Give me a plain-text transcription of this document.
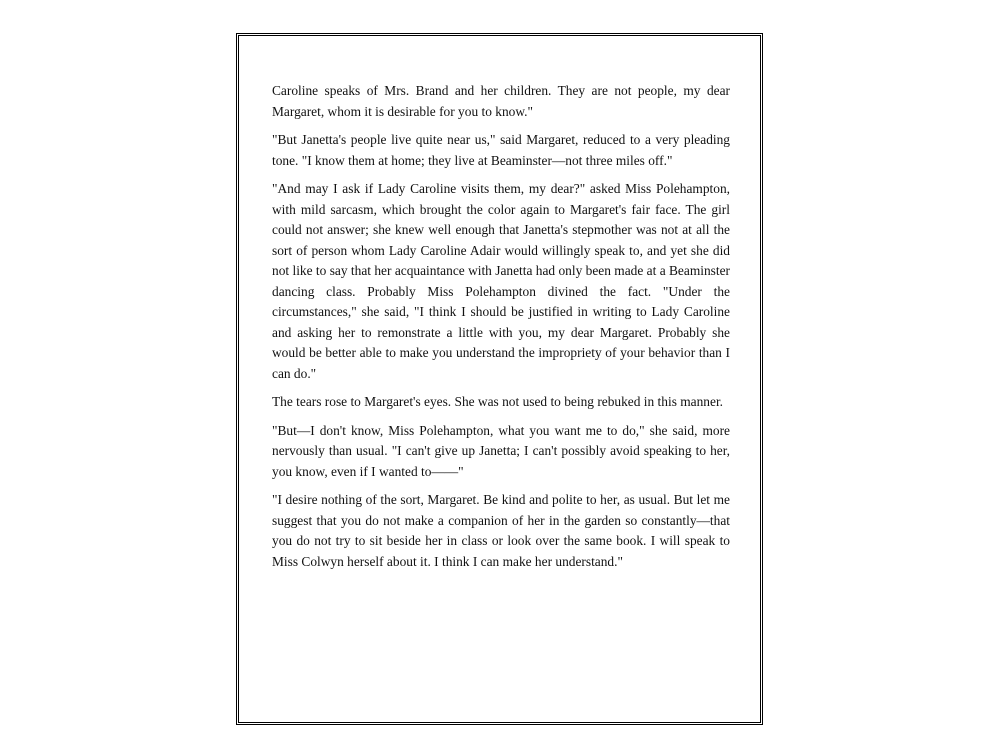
Caroline speaks of Mrs. Brand and her children. They are not people, my dear Margaret, whom it is desirable for you to know."

"But Janetta's people live quite near us," said Margaret, reduced to a very pleading tone. "I know them at home; they live at Beaminster—not three miles off."

"And may I ask if Lady Caroline visits them, my dear?" asked Miss Polehampton, with mild sarcasm, which brought the color again to Margaret's fair face. The girl could not answer; she knew well enough that Janetta's stepmother was not at all the sort of person whom Lady Caroline Adair would willingly speak to, and yet she did not like to say that her acquaintance with Janetta had only been made at a Beaminster dancing class. Probably Miss Polehampton divined the fact. "Under the circumstances," she said, "I think I should be justified in writing to Lady Caroline and asking her to remonstrate a little with you, my dear Margaret. Probably she would be better able to make you understand the impropriety of your behavior than I can do."

The tears rose to Margaret's eyes. She was not used to being rebuked in this manner.

"But—I don't know, Miss Polehampton, what you want me to do," she said, more nervously than usual. "I can't give up Janetta; I can't possibly avoid speaking to her, you know, even if I wanted to——"

"I desire nothing of the sort, Margaret. Be kind and polite to her, as usual. But let me suggest that you do not make a companion of her in the garden so constantly—that you do not try to sit beside her in class or look over the same book. I will speak to Miss Colwyn herself about it. I think I can make her understand."
